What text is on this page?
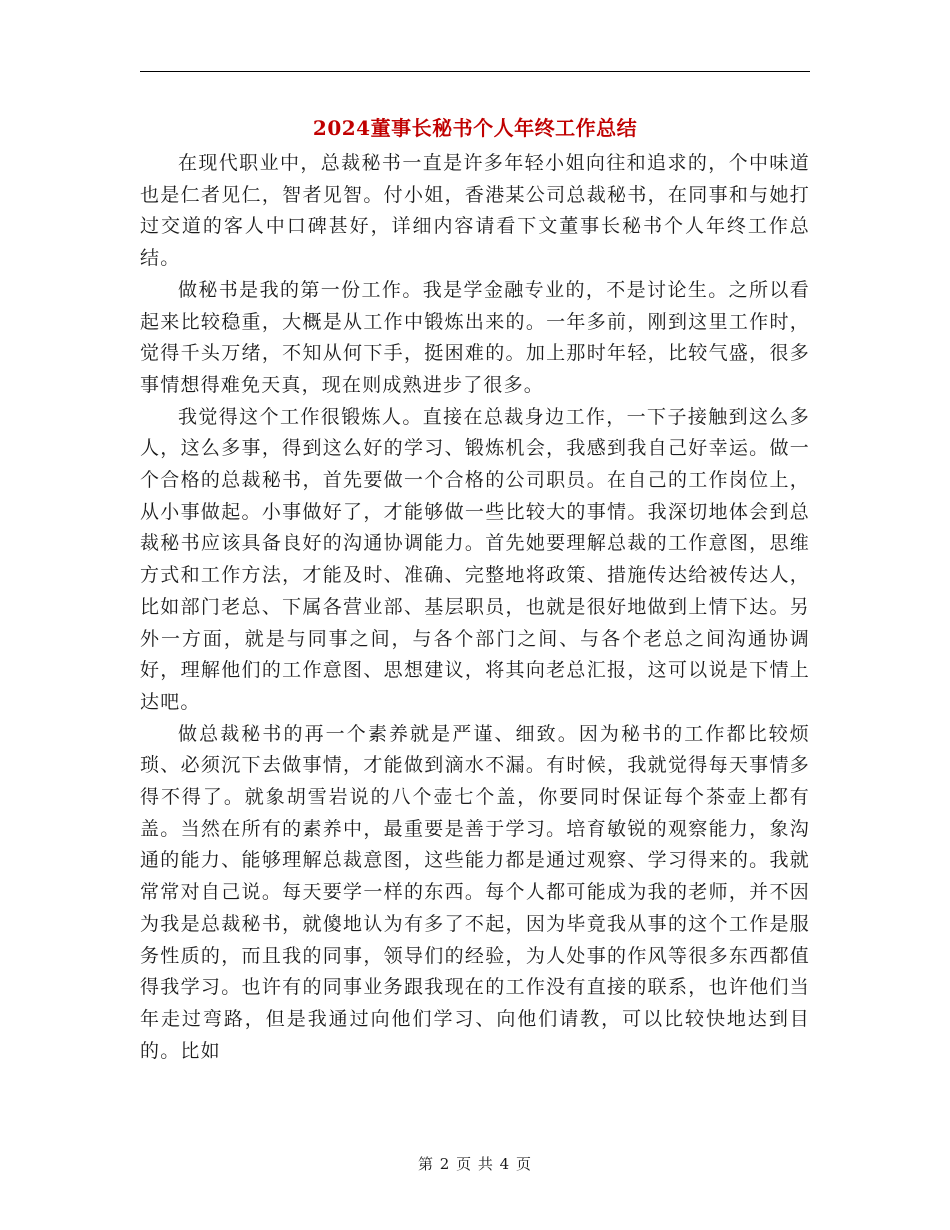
2024董事长秘书个人年终工作总结

在现代职业中，总裁秘书一直是许多年轻小姐向往和追求的，个中味道也是仁者见仁，智者见智。付小姐，香港某公司总裁秘书，在同事和与她打过交道的客人中口碑甚好，详细内容请看下文董事长秘书个人年终工作总结。

做秘书是我的第一份工作。我是学金融专业的，不是讨论生。之所以看起来比较稳重，大概是从工作中锻炼出来的。一年多前，刚到这里工作时，觉得千头万绪，不知从何下手，挺困难的。加上那时年轻，比较气盛，很多事情想得难免天真，现在则成熟进步了很多。

我觉得这个工作很锻炼人。直接在总裁身边工作，一下子接触到这么多人，这么多事，得到这么好的学习、锻炼机会，我感到我自己好幸运。做一个合格的总裁秘书，首先要做一个合格的公司职员。在自己的工作岗位上，从小事做起。小事做好了，才能够做一些比较大的事情。我深切地体会到总裁秘书应该具备良好的沟通协调能力。首先她要理解总裁的工作意图，思维方式和工作方法，才能及时、准确、完整地将政策、措施传达给被传达人，比如部门老总、下属各营业部、基层职员，也就是很好地做到上情下达。另外一方面，就是与同事之间，与各个部门之间、与各个老总之间沟通协调好，理解他们的工作意图、思想建议，将其向老总汇报，这可以说是下情上达吧。

做总裁秘书的再一个素养就是严谨、细致。因为秘书的工作都比较烦琐、必须沉下去做事情，才能做到滴水不漏。有时候，我就觉得每天事情多得不得了。就象胡雪岩说的八个壶七个盖，你要同时保证每个茶壶上都有盖。当然在所有的素养中，最重要是善于学习。培育敏锐的观察能力，象沟通的能力、能够理解总裁意图，这些能力都是通过观察、学习得来的。我就常常对自己说。每天要学一样的东西。每个人都可能成为我的老师，并不因为我是总裁秘书，就傻地认为有多了不起，因为毕竟我从事的这个工作是服务性质的，而且我的同事，领导们的经验，为人处事的作风等很多东西都值得我学习。也许有的同事业务跟我现在的工作没有直接的联系，也许他们当年走过弯路，但是我通过向他们学习、向他们请教，可以比较快地达到目的。比如

第 2 页 共 4 页
